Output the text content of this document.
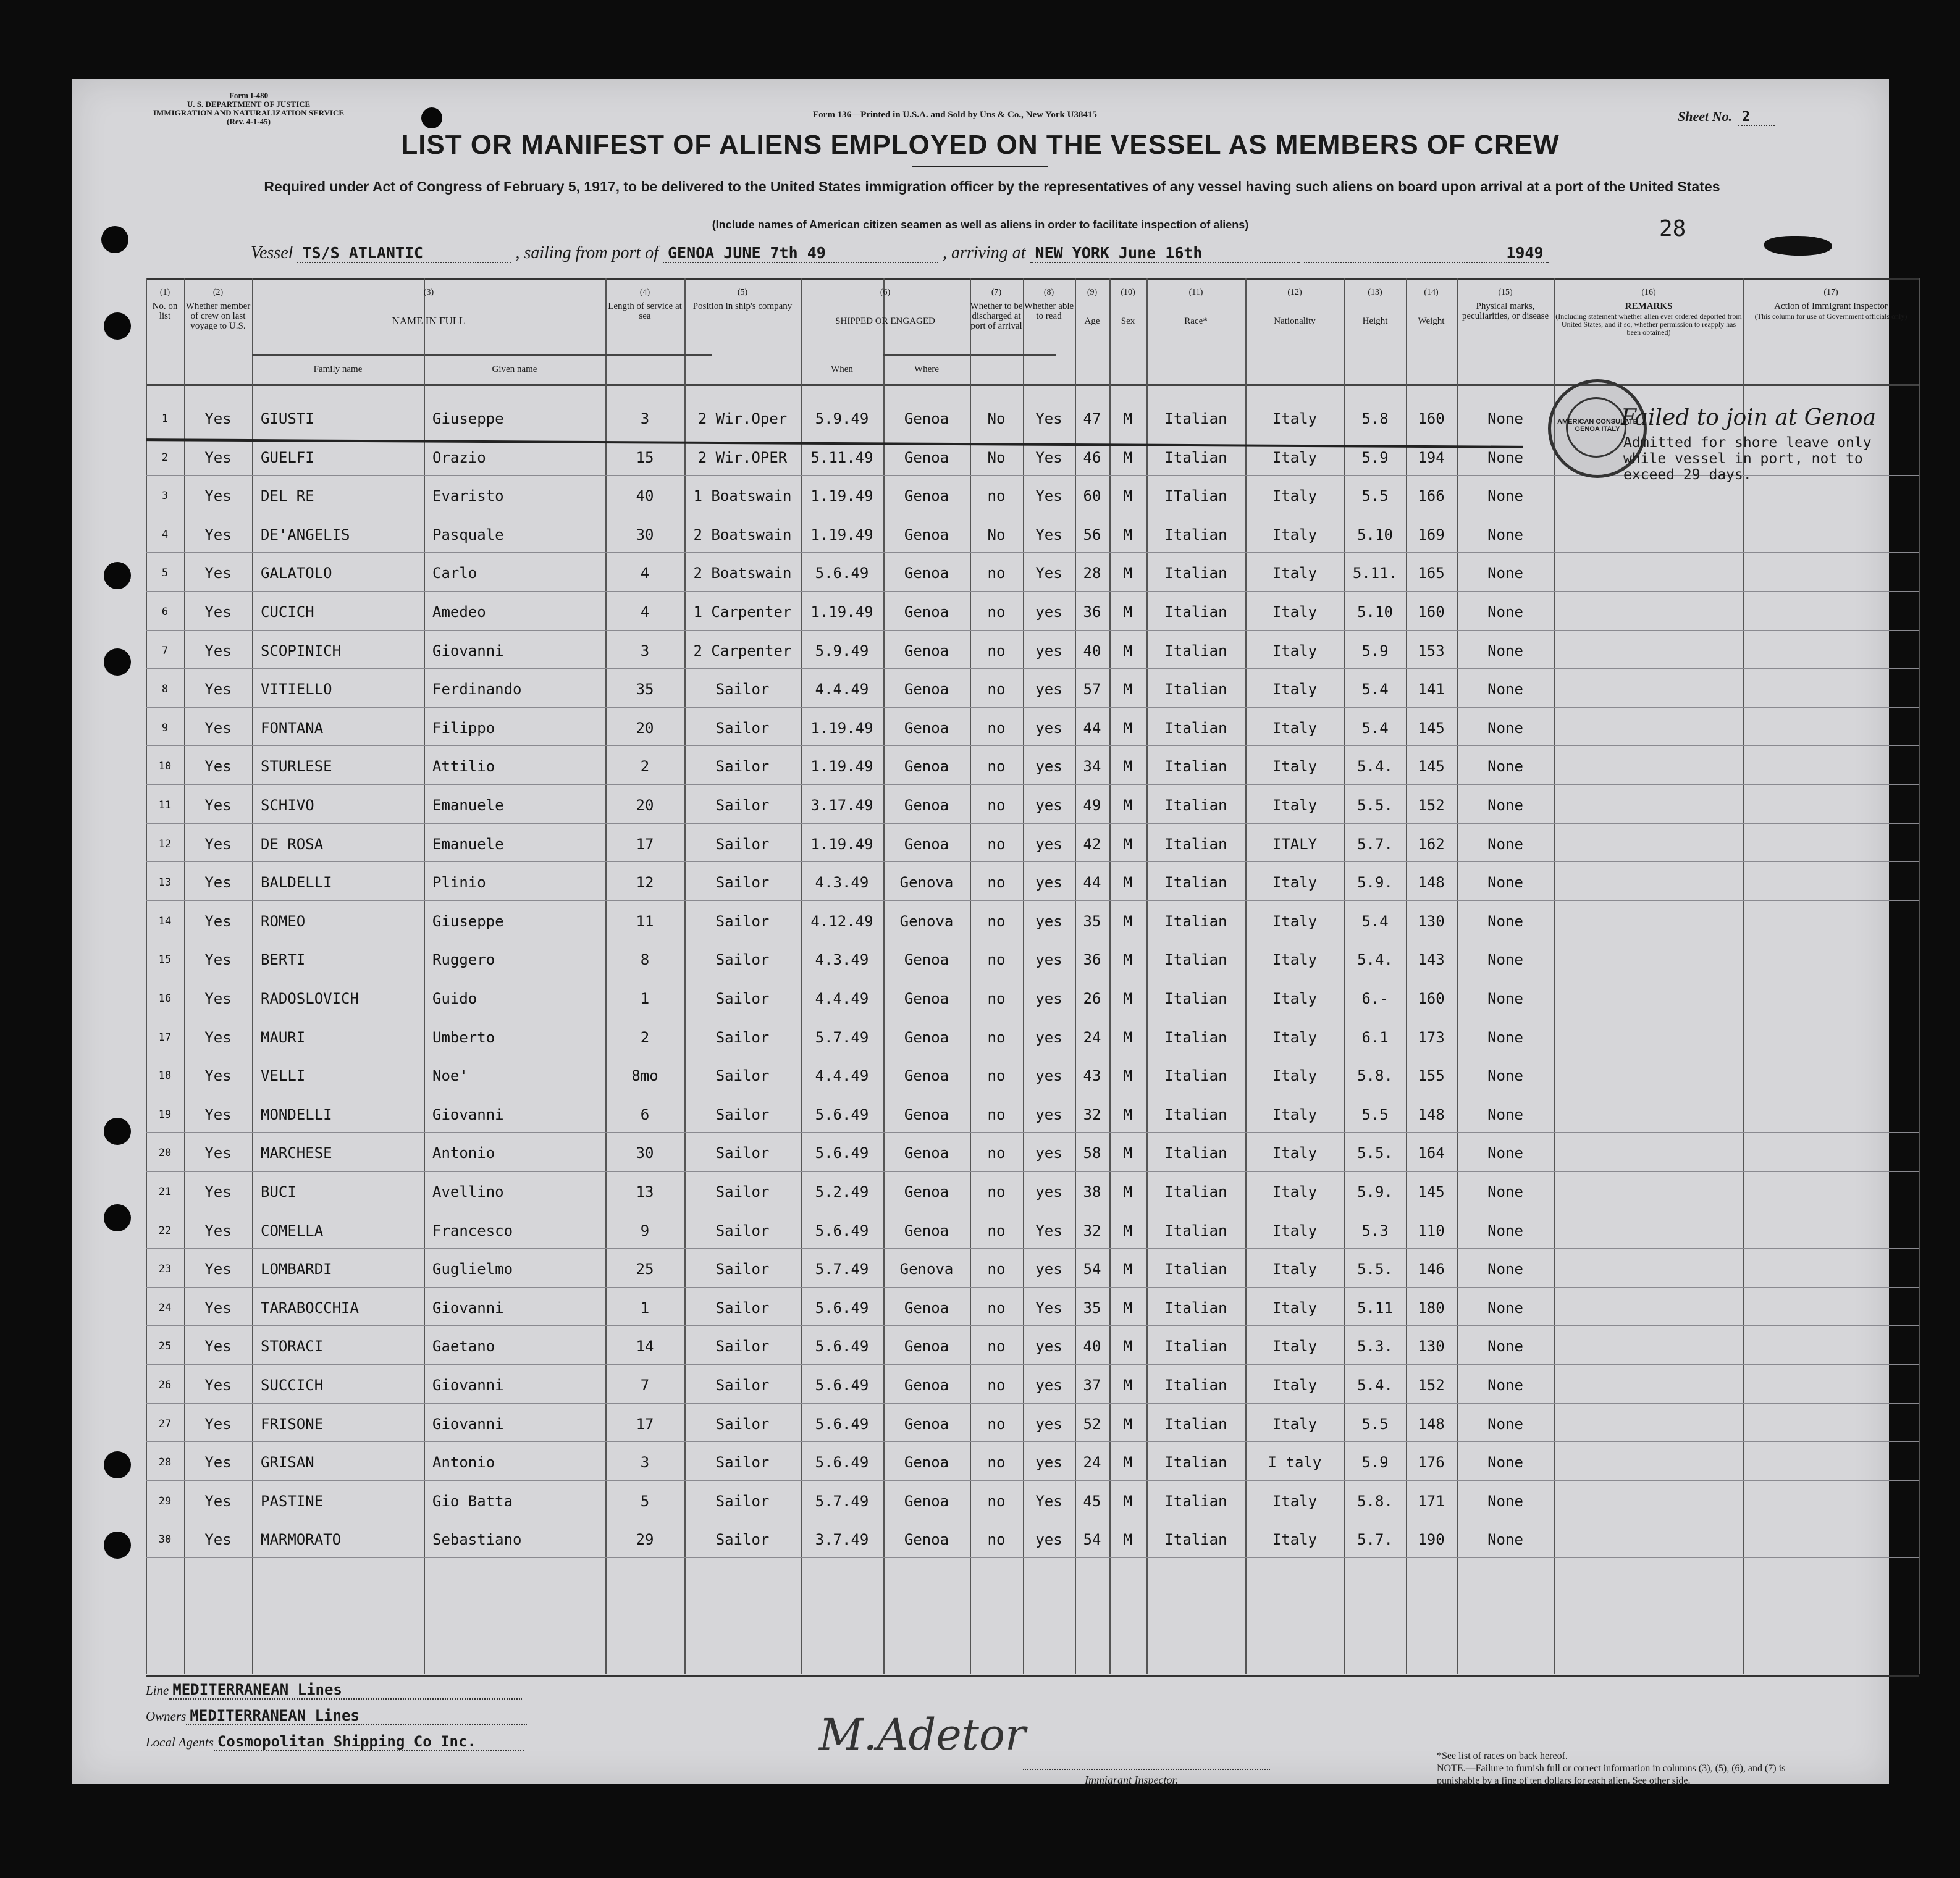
Form I-480
U. S. DEPARTMENT OF JUSTICE
IMMIGRATION AND NATURALIZATION SERVICE
(Rev. 4-1-45)
Form 136—Printed in U.S.A. and Sold by Uns & Co., New York U38415	Sheet No. 2
LIST OR MANIFEST OF ALIENS EMPLOYED ON THE VESSEL AS MEMBERS OF CREW
Required under Act of Congress of February 5, 1917, to be delivered to the United States immigration officer by the representatives of any vessel having such aliens on board upon arrival at a port of the United States
(Include names of American citizen seamen as well as aliens in order to facilitate inspection of aliens)	28
Vessel TS/S ATLANTIC	, sailing from port of GENOA JUNE 7th 49	, arriving at NEW YORK June 16th	1949
(1)
No. on list
(2)
Whether member of crew on last voyage to U.S.
(3)
NAME IN FULL
Family name	Given name
(4)
Length of service at sea
(5)
Position in ship's company
(6)
SHIPPED OR ENGAGED
When	Where
(7)
Whether to be discharged at port of arrival
(8)
Whether able to read
(9)
Age
(10)
Sex
(11)
Race*
(12)
Nationality
(13)
Height
(14)
Weight
(15)
Physical marks, peculiarities, or disease
(16)
REMARKS
(Including statement whether alien ever ordered deported from United States, and if so, whether permission to reapply has been obtained)
(17)
Action of Immigrant Inspector
(This column for use of Government officials only)
1	Yes	GIUSTI	Giuseppe	3	2 Wir.Oper	5.9.49	Genoa	No	Yes	47	M	Italian	Italy	5.8	160	None
2	Yes	GUELFI	Orazio	15	2 Wir.OPER	5.11.49	Genoa	No	Yes	46	M	Italian	Italy	5.9	194	None
3	Yes	DEL RE	Evaristo	40	1 Boatswain	1.19.49	Genoa	no	Yes	60	M	ITalian	Italy	5.5	166	None
4	Yes	DE'ANGELIS	Pasquale	30	2 Boatswain	1.19.49	Genoa	No	Yes	56	M	Italian	Italy	5.10	169	None
5	Yes	GALATOLO	Carlo	4	2 Boatswain	5.6.49	Genoa	no	Yes	28	M	Italian	Italy	5.11.	165	None
6	Yes	CUCICH	Amedeo	4	1 Carpenter	1.19.49	Genoa	no	yes	36	M	Italian	Italy	5.10	160	None
7	Yes	SCOPINICH	Giovanni	3	2 Carpenter	5.9.49	Genoa	no	yes	40	M	Italian	Italy	5.9	153	None
8	Yes	VITIELLO	Ferdinando	35	Sailor	4.4.49	Genoa	no	yes	57	M	Italian	Italy	5.4	141	None
9	Yes	FONTANA	Filippo	20	Sailor	1.19.49	Genoa	no	yes	44	M	Italian	Italy	5.4	145	None
10	Yes	STURLESE	Attilio	2	Sailor	1.19.49	Genoa	no	yes	34	M	Italian	Italy	5.4.	145	None
11	Yes	SCHIVO	Emanuele	20	Sailor	3.17.49	Genoa	no	yes	49	M	Italian	Italy	5.5.	152	None
12	Yes	DE ROSA	Emanuele	17	Sailor	1.19.49	Genoa	no	yes	42	M	Italian	ITALY	5.7.	162	None
13	Yes	BALDELLI	Plinio	12	Sailor	4.3.49	Genova	no	yes	44	M	Italian	Italy	5.9.	148	None
14	Yes	ROMEO	Giuseppe	11	Sailor	4.12.49	Genova	no	yes	35	M	Italian	Italy	5.4	130	None
15	Yes	BERTI	Ruggero	8	Sailor	4.3.49	Genoa	no	yes	36	M	Italian	Italy	5.4.	143	None
16	Yes	RADOSLOVICH	Guido	1	Sailor	4.4.49	Genoa	no	yes	26	M	Italian	Italy	6.-	160	None
17	Yes	MAURI	Umberto	2	Sailor	5.7.49	Genoa	no	yes	24	M	Italian	Italy	6.1	173	None
18	Yes	VELLI	Noe'	8mo	Sailor	4.4.49	Genoa	no	yes	43	M	Italian	Italy	5.8.	155	None
19	Yes	MONDELLI	Giovanni	6	Sailor	5.6.49	Genoa	no	yes	32	M	Italian	Italy	5.5	148	None
20	Yes	MARCHESE	Antonio	30	Sailor	5.6.49	Genoa	no	yes	58	M	Italian	Italy	5.5.	164	None
21	Yes	BUCI	Avellino	13	Sailor	5.2.49	Genoa	no	yes	38	M	Italian	Italy	5.9.	145	None
22	Yes	COMELLA	Francesco	9	Sailor	5.6.49	Genoa	no	Yes	32	M	Italian	Italy	5.3	110	None
23	Yes	LOMBARDI	Guglielmo	25	Sailor	5.7.49	Genova	no	yes	54	M	Italian	Italy	5.5.	146	None
24	Yes	TARABOCCHIA	Giovanni	1	Sailor	5.6.49	Genoa	no	Yes	35	M	Italian	Italy	5.11	180	None
25	Yes	STORACI	Gaetano	14	Sailor	5.6.49	Genoa	no	yes	40	M	Italian	Italy	5.3.	130	None
26	Yes	SUCCICH	Giovanni	7	Sailor	5.6.49	Genoa	no	yes	37	M	Italian	Italy	5.4.	152	None
27	Yes	FRISONE	Giovanni	17	Sailor	5.6.49	Genoa	no	yes	52	M	Italian	Italy	5.5	148	None
28	Yes	GRISAN	Antonio	3	Sailor	5.6.49	Genoa	no	yes	24	M	Italian	I taly	5.9	176	None
29	Yes	PASTINE	Gio Batta	5	Sailor	5.7.49	Genoa	no	Yes	45	M	Italian	Italy	5.8.	171	None
30	Yes	MARMORATO	Sebastiano	29	Sailor	3.7.49	Genoa	no	yes	54	M	Italian	Italy	5.7.	190	None
AMERICAN CONSULATE GENOA ITALY Failed to join at Genoa
Admitted for shore leave only while vessel in port, not to exceed 29 days.
Line MEDITERRANEAN Lines
Owners MEDITERRANEAN Lines
Local Agents Cosmopolitan Shipping Co Inc.	M.Adetor
Immigrant Inspector.
*See list of races on back hereof.
NOTE.—Failure to furnish full or correct information in columns (3), (5), (6), and (7) is punishable by a fine of ten dollars for each alien. See other side.
